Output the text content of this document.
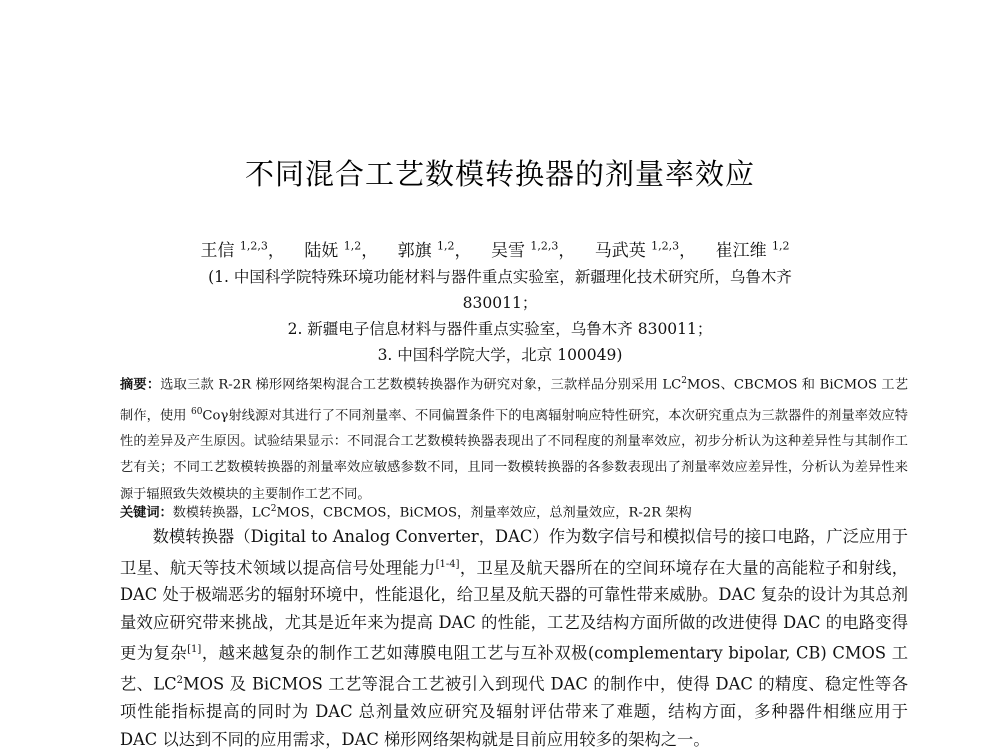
不同混合工艺数模转换器的剂量率效应
王信 $^{1,2,3}$， 陆妩 $^{1,2}$， 郭旗 $^{1,2}$， 吴雪 $^{1,2,3}$， 马武英 $^{1,2,3}$， 崔江维 $^{1,2}$
(1. 中国科学院特殊环境功能材料与器件重点实验室，新疆理化技术研究所，乌鲁木齐
830011；
2. 新疆电子信息材料与器件重点实验室，乌鲁木齐 830011；
3. 中国科学院大学，北京 100049)
摘要：选取三款 R-2R 梯形网络架构混合工艺数模转换器作为研究对象，三款样品分别采用 $LC^2MOS$、CBCMOS 和 BiCMOS 工艺制作，使用 $^{60}$Coγ射线源对其进行了不同剂量率、不同偏置条件下的电离辐射响应特性研究，本次研究重点为三款器件的剂量率效应特性的差异及产生原因。试验结果显示：不同混合工艺数模转换器表现出了不同程度的剂量率效应，初步分析认为这种差异性与其制作工艺有关；不同工艺数模转换器的剂量率效应敏感参数不同，且同一数模转换器的各参数表现出了剂量率效应差异性，分析认为差异性来源于辐照致失效模块的主要制作工艺不同。
关键词：数模转换器，$LC^2MOS$，CBCMOS，BiCMOS，剂量率效应，总剂量效应，R-2R 架构
数模转换器（Digital to Analog Converter，DAC）作为数字信号和模拟信号的接口电路，广泛应用于卫星、航天等技术领域以提高信号处理能力[1-4]，卫星及航天器所在的空间环境存在大量的高能粒子和射线，DAC 处于极端恶劣的辐射环境中，性能退化，给卫星及航天器的可靠性带来威胁。DAC 复杂的设计为其总剂量效应研究带来挑战，尤其是近年来为提高 DAC 的性能，工艺及结构方面所做的改进使得 DAC 的电路变得更为复杂[1]，越来越复杂的制作工艺如薄膜电阻工艺与互补双极(complementary bipolar, CB) CMOS 工艺、$LC^2MOS$ 及 BiCMOS 工艺等混合工艺被引入到现代 DAC 的制作中，使得 DAC 的精度、稳定性等各项性能指标提高的同时为 DAC 总剂量效应研究及辐射评估带来了难题，结构方面，多种器件相继应用于 DAC 以达到不同的应用需求，DAC 梯形网络架构就是目前应用较多的架构之一。
